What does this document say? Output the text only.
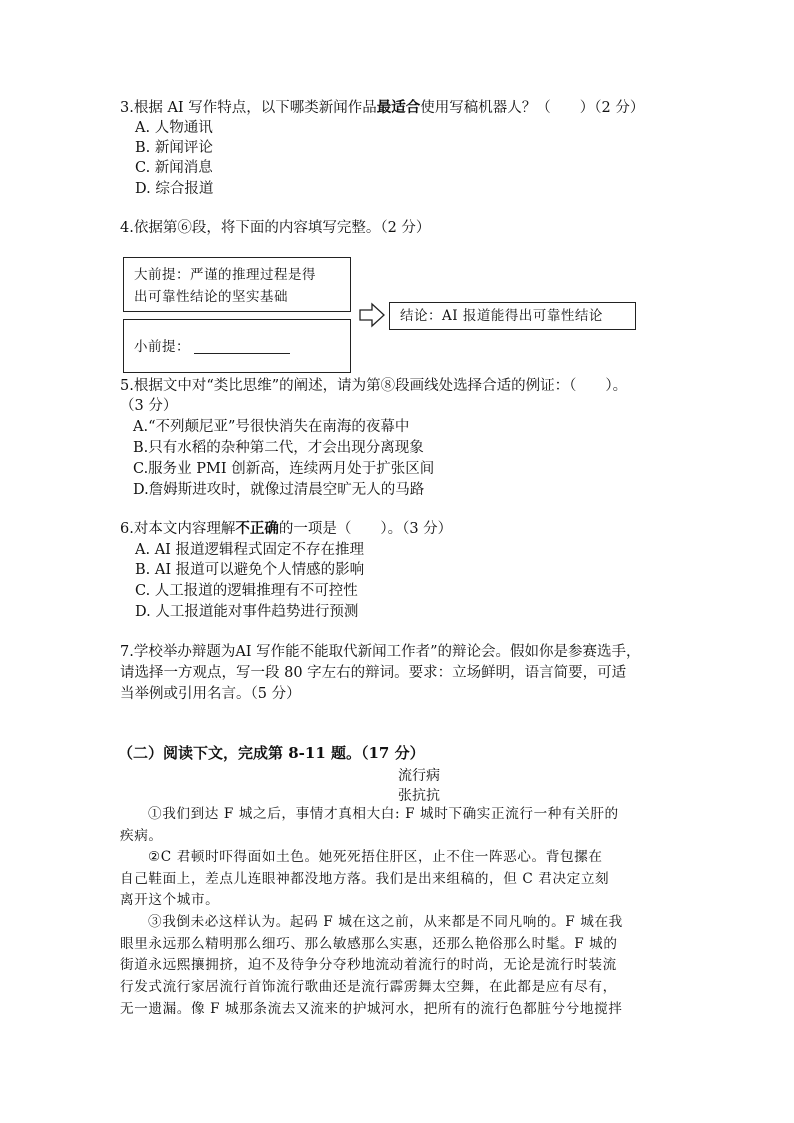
3.根据 AI 写作特点，以下哪类新闻作品最适合使用写稿机器人？（　　）（2 分）
A. 人物通讯
B. 新闻评论
C. 新闻消息
D. 综合报道
4.依据第⑥段，将下面的内容填写完整。（2 分）
大前提：严谨的推理过程是得
出可靠性结论的坚实基础
小前提：
结论：AI 报道能得出可靠性结论
5.根据文中对“类比思维”的阐述，请为第⑧段画线处选择合适的例证：（　　）。
（3 分）
A.“不列颠尼亚”号很快消失在南海的夜幕中
B.只有水稻的杂种第二代，才会出现分离现象
C.服务业 PMI 创新高，连续两月处于扩张区间
D.詹姆斯进攻时，就像过清晨空旷无人的马路
6.对本文内容理解不正确的一项是（　　）。（3 分）
A. AI 报道逻辑程式固定不存在推理
B. AI 报道可以避免个人情感的影响
C. 人工报道的逻辑推理有不可控性
D. 人工报道能对事件趋势进行预测
7.学校举办辩题为AI 写作能不能取代新闻工作者”的辩论会。假如你是参赛选手，
请选择一方观点，写一段 80 字左右的辩词。要求：立场鲜明，语言简要，可适
当举例或引用名言。（5 分）
（二）阅读下文，完成第 8-11 题。（17 分）
流行病
张抗抗
①我们到达 F 城之后，事情才真相大白: F 城时下确实正流行一种有关肝的
疾病。
②C 君顿时吓得面如土色。她死死捂住肝区，止不住一阵恶心。背包摞在
自己鞋面上，差点儿连眼神都没地方落。我们是出来组稿的，但 C 君决定立刻
离开这个城市。
③我倒未必这样认为。起码 F 城在这之前，从来都是不同凡响的。F 城在我
眼里永远那么精明那么细巧、那么敏感那么实惠，还那么艳俗那么时髦。F 城的
街道永远熙攘拥挤，迫不及待争分夺秒地流动着流行的时尚，无论是流行时装流
行发式流行家居流行首饰流行歌曲还是流行霹雳舞太空舞，在此都是应有尽有，
无一遗漏。像 F 城那条流去又流来的护城河水，把所有的流行色都脏兮兮地搅拌
